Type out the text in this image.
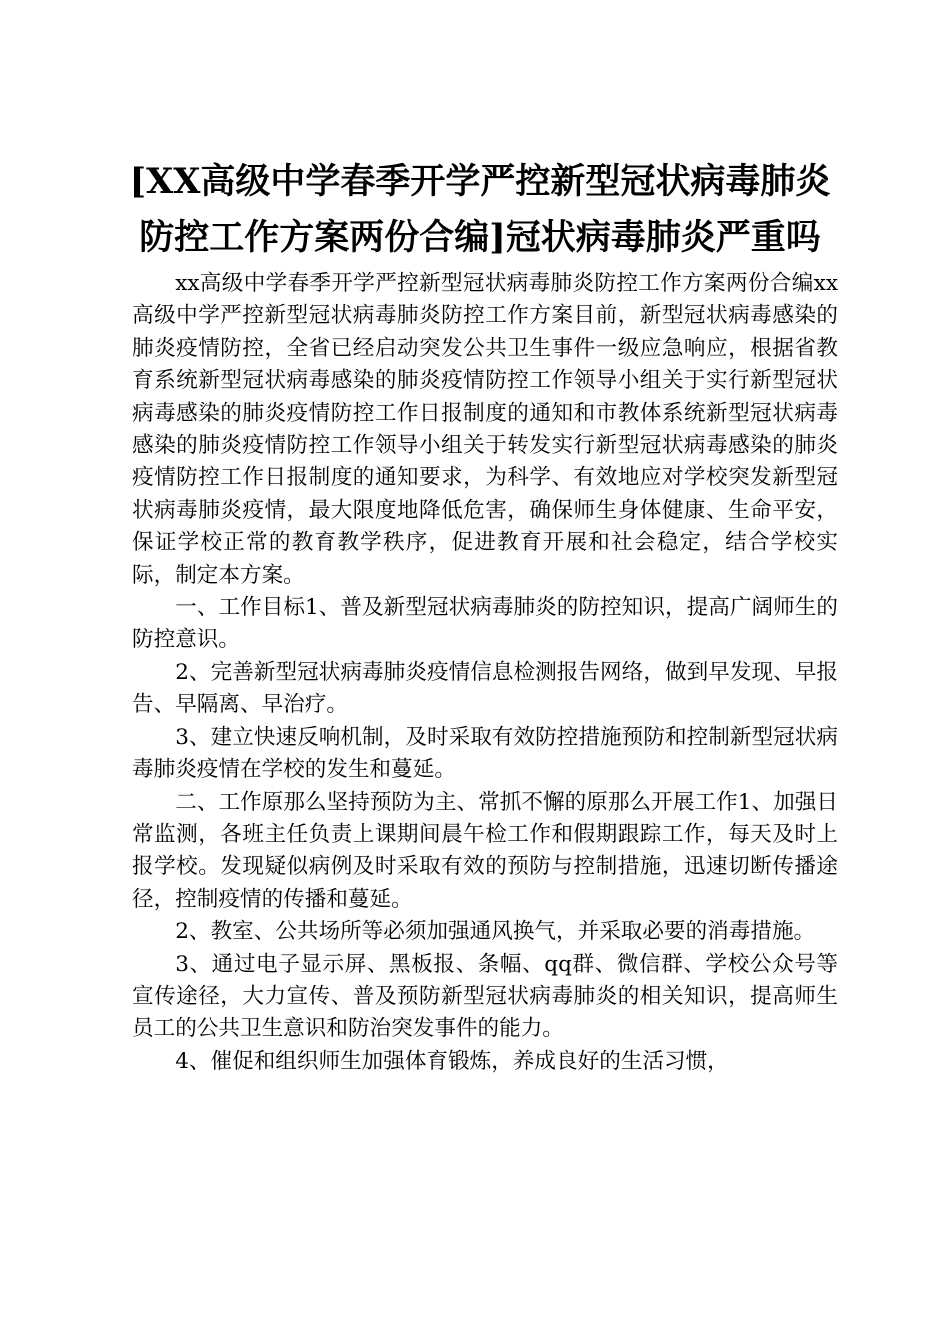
[XX高级中学春季开学严控新型冠状病毒肺炎
防控工作方案两份合编]冠状病毒肺炎严重吗

xx高级中学春季开学严控新型冠状病毒肺炎防控工作方案两份合编xx高级中学严控新型冠状病毒肺炎防控工作方案目前，新型冠状病毒感染的肺炎疫情防控，全省已经启动突发公共卫生事件一级应急响应，根据省教育系统新型冠状病毒感染的肺炎疫情防控工作领导小组关于实行新型冠状病毒感染的肺炎疫情防控工作日报制度的通知和市教体系统新型冠状病毒感染的肺炎疫情防控工作领导小组关于转发实行新型冠状病毒感染的肺炎疫情防控工作日报制度的通知要求，为科学、有效地应对学校突发新型冠状病毒肺炎疫情，最大限度地降低危害，确保师生身体健康、生命平安，保证学校正常的教育教学秩序，促进教育开展和社会稳定，结合学校实际，制定本方案。

一、工作目标1、普及新型冠状病毒肺炎的防控知识，提高广阔师生的防控意识。

2、完善新型冠状病毒肺炎疫情信息检测报告网络，做到早发现、早报告、早隔离、早治疗。

3、建立快速反响机制，及时采取有效防控措施预防和控制新型冠状病毒肺炎疫情在学校的发生和蔓延。

二、工作原那么坚持预防为主、常抓不懈的原那么开展工作1、加强日常监测，各班主任负责上课期间晨午检工作和假期跟踪工作，每天及时上报学校。发现疑似病例及时采取有效的预防与控制措施，迅速切断传播途径，控制疫情的传播和蔓延。

2、教室、公共场所等必须加强通风换气，并采取必要的消毒措施。

3、通过电子显示屏、黑板报、条幅、qq群、微信群、学校公众号等宣传途径，大力宣传、普及预防新型冠状病毒肺炎的相关知识，提高师生员工的公共卫生意识和防治突发事件的能力。

4、催促和组织师生加强体育锻炼，养成良好的生活习惯，
